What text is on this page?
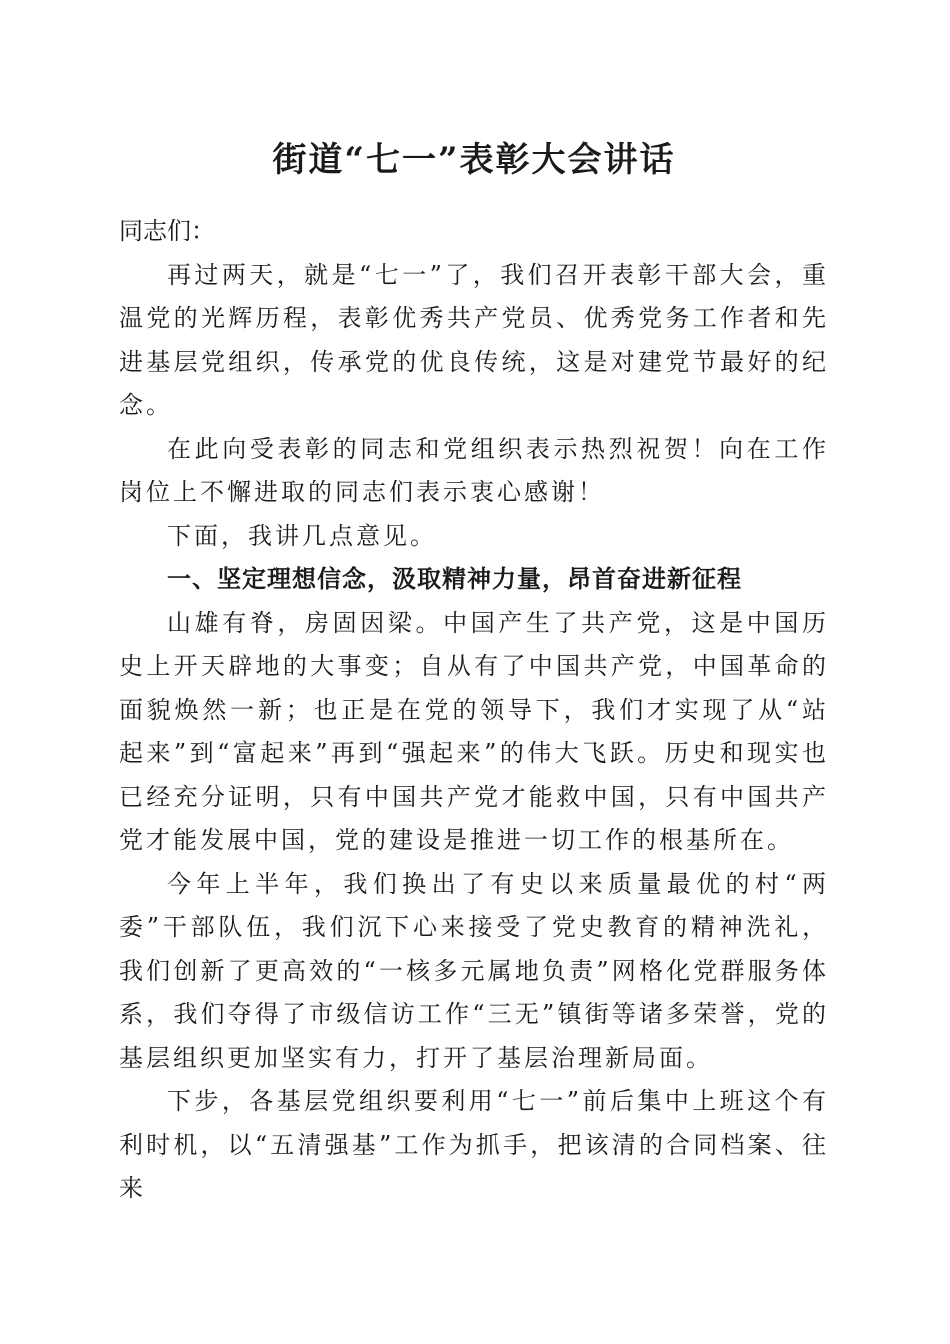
街道“七一”表彰大会讲话

同志们：

再过两天，就是“七一”了，我们召开表彰干部大会，重温党的光辉历程，表彰优秀共产党员、优秀党务工作者和先进基层党组织，传承党的优良传统，这是对建党节最好的纪念。

在此向受表彰的同志和党组织表示热烈祝贺！向在工作岗位上不懈进取的同志们表示衷心感谢！

下面，我讲几点意见。

一、坚定理想信念，汲取精神力量，昂首奋进新征程

山雄有脊，房固因梁。中国产生了共产党，这是中国历史上开天辟地的大事变；自从有了中国共产党，中国革命的面貌焕然一新；也正是在党的领导下，我们才实现了从“站起来”到“富起来”再到“强起来”的伟大飞跃。历史和现实也已经充分证明，只有中国共产党才能救中国，只有中国共产党才能发展中国，党的建设是推进一切工作的根基所在。

今年上半年，我们换出了有史以来质量最优的村“两委”干部队伍，我们沉下心来接受了党史教育的精神洗礼，我们创新了更高效的“一核多元属地负责”网格化党群服务体系，我们夺得了市级信访工作“三无”镇街等诸多荣誉，党的基层组织更加坚实有力，打开了基层治理新局面。

下步，各基层党组织要利用“七一”前后集中上班这个有利时机，以“五清强基”工作为抓手，把该清的合同档案、往来
